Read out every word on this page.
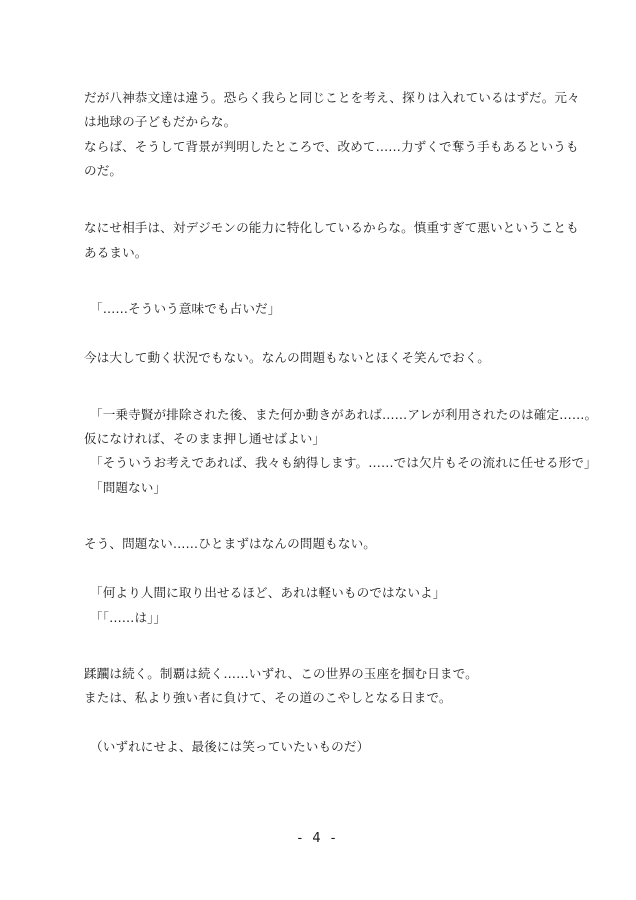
だが八神恭文達は違う。恐らく我らと同じことを考え、探りは入れているはずだ。元々

は地球の子どもだからな。

ならば、そうして背景が判明したところで、改めて……力ずくで奪う手もあるというも

のだ。

なにせ相手は、対デジモンの能力に特化しているからな。慎重すぎて悪いということも

あるまい。

「……そういう意味でも占いだ」

今は大して動く状況でもない。なんの問題もないとほくそ笑んでおく。

「一乗寺賢が排除された後、また何か動きがあれば……アレが利用されたのは確定……。

仮になければ、そのまま押し通せばよい」

「そういうお考えであれば、我々も納得します。……では欠片もその流れに任せる形で」

「問題ない」

そう、問題ない……ひとまずはなんの問題もない。

「何より人間に取り出せるほど、あれは軽いものではないよ」

「「……は」」

蹂躙は続く。制覇は続く……いずれ、この世界の玉座を掴む日まで。

または、私より強い者に負けて、その道のこやしとなる日まで。

（いずれにせよ、最後には笑っていたいものだ）

- 4 -
